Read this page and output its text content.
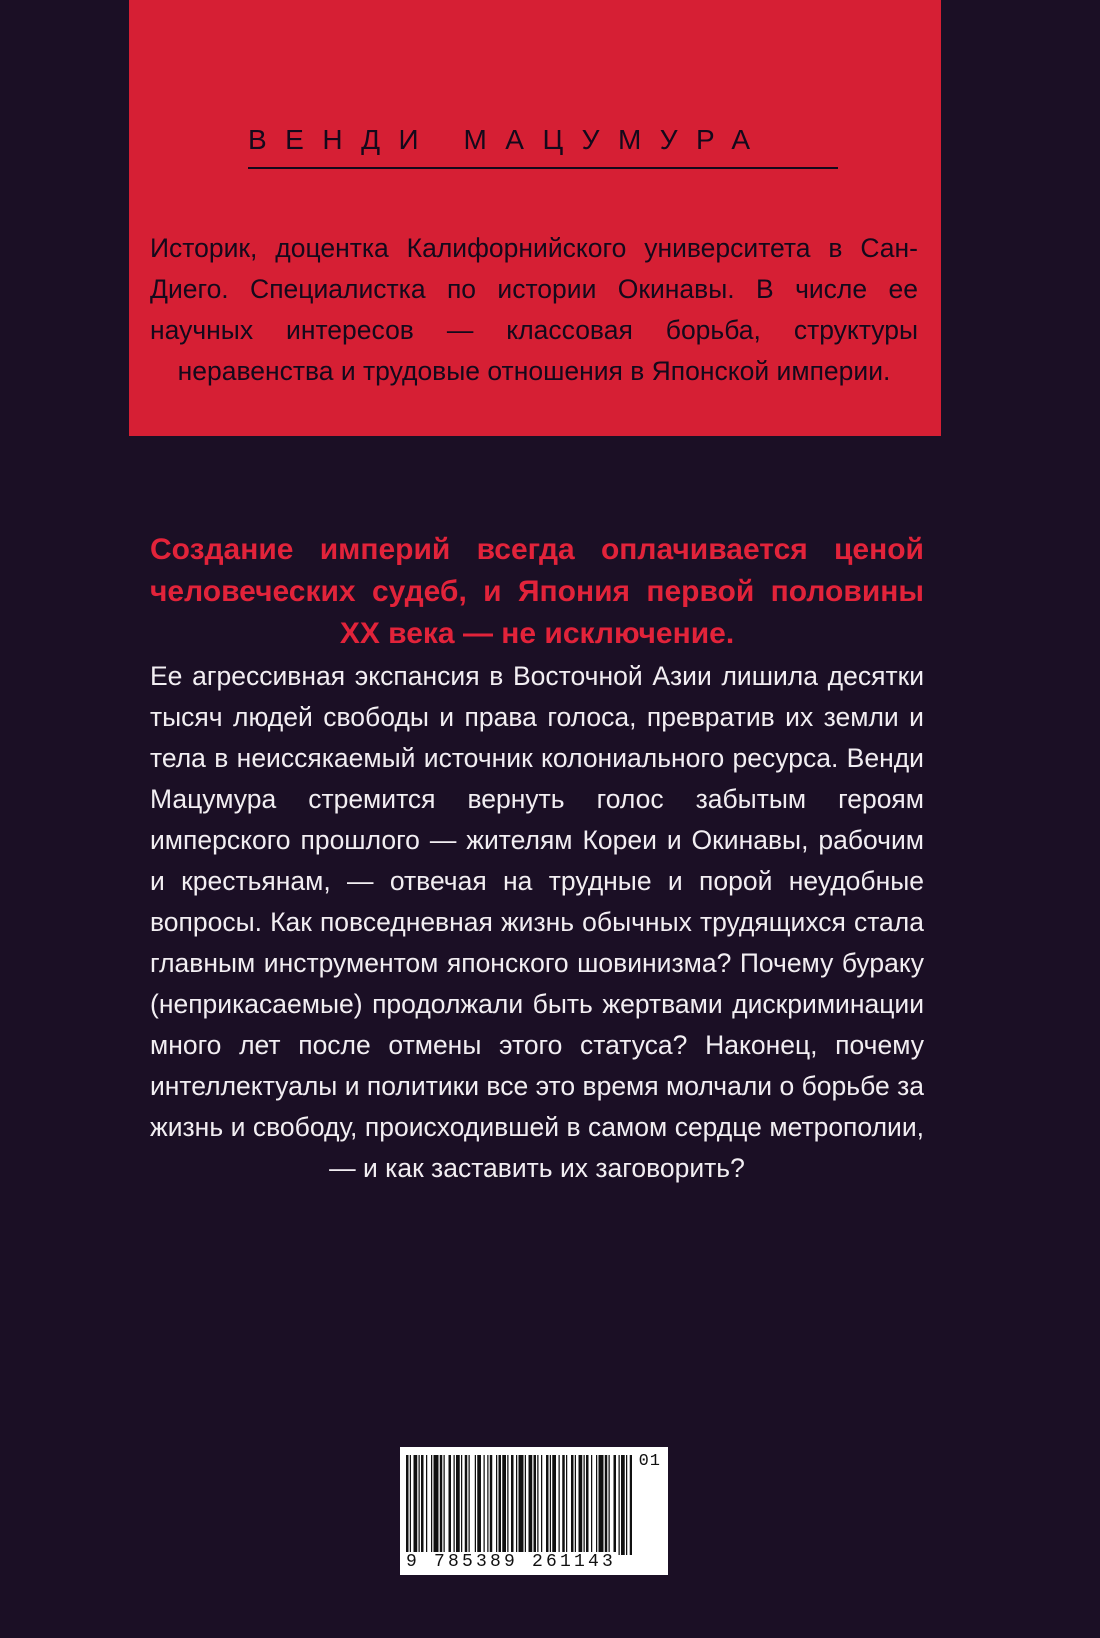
ВЕНДИ МАЦУМУРА
Историк, доцентка Калифорнийского университета в Сан-Диего. Специалистка по истории Окинавы. В числе ее научных интересов — классовая борьба, структуры неравенства и трудовые отношения в Японской империи.
Создание империй всегда оплачивается ценой человеческих судеб, и Япония первой половины XX века — не исключение.
Ее агрессивная экспансия в Восточной Азии лишила десятки тысяч людей свободы и права голоса, превратив их земли и тела в неиссякаемый источник колониального ресурса. Венди Мацумура стремится вернуть голос забытым героям имперского прошлого — жителям Кореи и Окинавы, рабочим и крестьянам, — отвечая на трудные и порой неудобные вопросы. Как повседневная жизнь обычных трудящихся стала главным инструментом японского шовинизма? Почему бураку (неприкасаемые) продолжали быть жертвами дискриминации много лет после отмены этого статуса? Наконец, почему интеллектуалы и политики все это время молчали о борьбе за жизнь и свободу, происходившей в самом сердце метрополии, — и как заставить их заговорить?
01
9 785389 261143
